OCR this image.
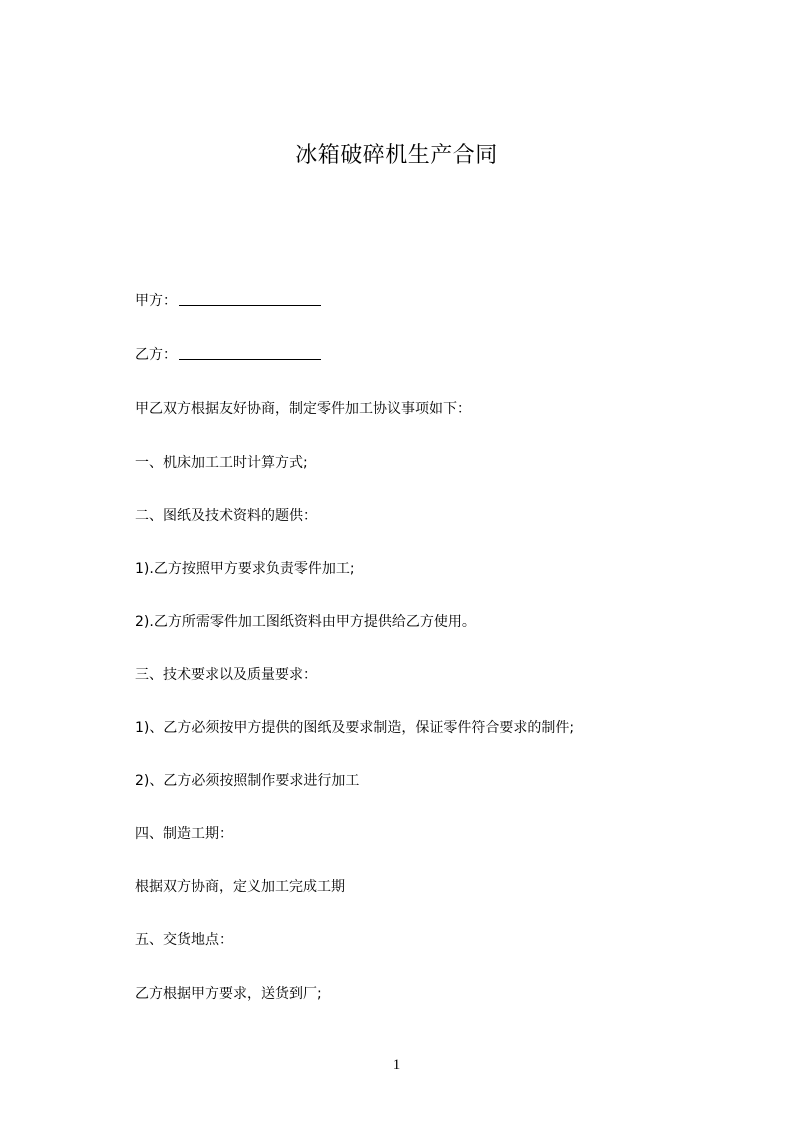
冰箱破碎机生产合同
甲方：
乙方：
甲乙双方根据友好协商，制定零件加工协议事项如下：
一、机床加工工时计算方式;
二、图纸及技术资料的题供：
1).乙方按照甲方要求负责零件加工;
2).乙方所需零件加工图纸资料由甲方提供给乙方使用。
三、技术要求以及质量要求：
1)、乙方必须按甲方提供的图纸及要求制造，保证零件符合要求的制件;
2)、乙方必须按照制作要求进行加工
四、制造工期：
根据双方协商，定义加工完成工期
五、交货地点：
乙方根据甲方要求，送货到厂;
1
